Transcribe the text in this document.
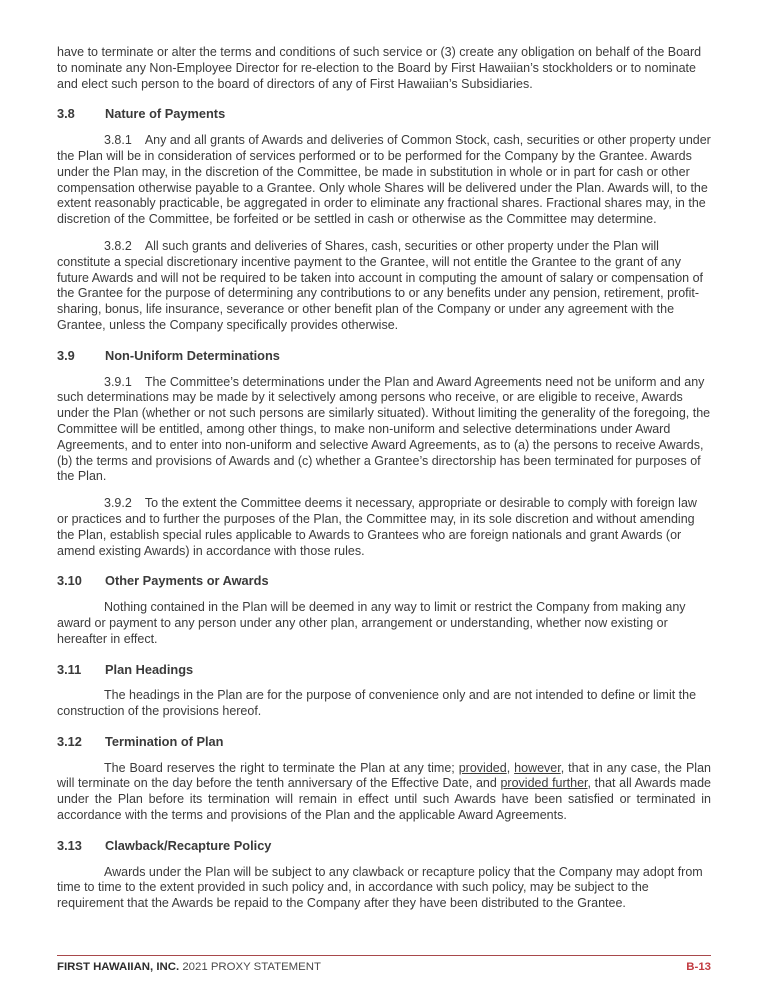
have to terminate or alter the terms and conditions of such service or (3) create any obligation on behalf of the Board to nominate any Non-Employee Director for re-election to the Board by First Hawaiian’s stockholders or to nominate and elect such person to the board of directors of any of First Hawaiian’s Subsidiaries.

3.8	Nature of Payments

3.8.1 Any and all grants of Awards and deliveries of Common Stock, cash, securities or other property under the Plan will be in consideration of services performed or to be performed for the Company by the Grantee. Awards under the Plan may, in the discretion of the Committee, be made in substitution in whole or in part for cash or other compensation otherwise payable to a Grantee. Only whole Shares will be delivered under the Plan. Awards will, to the extent reasonably practicable, be aggregated in order to eliminate any fractional shares. Fractional shares may, in the discretion of the Committee, be forfeited or be settled in cash or otherwise as the Committee may determine.

3.8.2 All such grants and deliveries of Shares, cash, securities or other property under the Plan will constitute a special discretionary incentive payment to the Grantee, will not entitle the Grantee to the grant of any future Awards and will not be required to be taken into account in computing the amount of salary or compensation of the Grantee for the purpose of determining any contributions to or any benefits under any pension, retirement, profit-sharing, bonus, life insurance, severance or other benefit plan of the Company or under any agreement with the Grantee, unless the Company specifically provides otherwise.

3.9	Non-Uniform Determinations

3.9.1 The Committee’s determinations under the Plan and Award Agreements need not be uniform and any such determinations may be made by it selectively among persons who receive, or are eligible to receive, Awards under the Plan (whether or not such persons are similarly situated). Without limiting the generality of the foregoing, the Committee will be entitled, among other things, to make non-uniform and selective determinations under Award Agreements, and to enter into non-uniform and selective Award Agreements, as to (a) the persons to receive Awards, (b) the terms and provisions of Awards and (c) whether a Grantee’s directorship has been terminated for purposes of the Plan.

3.9.2 To the extent the Committee deems it necessary, appropriate or desirable to comply with foreign law or practices and to further the purposes of the Plan, the Committee may, in its sole discretion and without amending the Plan, establish special rules applicable to Awards to Grantees who are foreign nationals and grant Awards (or amend existing Awards) in accordance with those rules.

3.10	Other Payments or Awards

Nothing contained in the Plan will be deemed in any way to limit or restrict the Company from making any award or payment to any person under any other plan, arrangement or understanding, whether now existing or hereafter in effect.

3.11	Plan Headings

The headings in the Plan are for the purpose of convenience only and are not intended to define or limit the construction of the provisions hereof.

3.12	Termination of Plan

The Board reserves the right to terminate the Plan at any time; provided, however, that in any case, the Plan will terminate on the day before the tenth anniversary of the Effective Date, and provided further, that all Awards made under the Plan before its termination will remain in effect until such Awards have been satisfied or terminated in accordance with the terms and provisions of the Plan and the applicable Award Agreements.

3.13	Clawback/Recapture Policy

Awards under the Plan will be subject to any clawback or recapture policy that the Company may adopt from time to time to the extent provided in such policy and, in accordance with such policy, may be subject to the requirement that the Awards be repaid to the Company after they have been distributed to the Grantee.

FIRST HAWAIIAN, INC. 2021 PROXY STATEMENT	B-13
